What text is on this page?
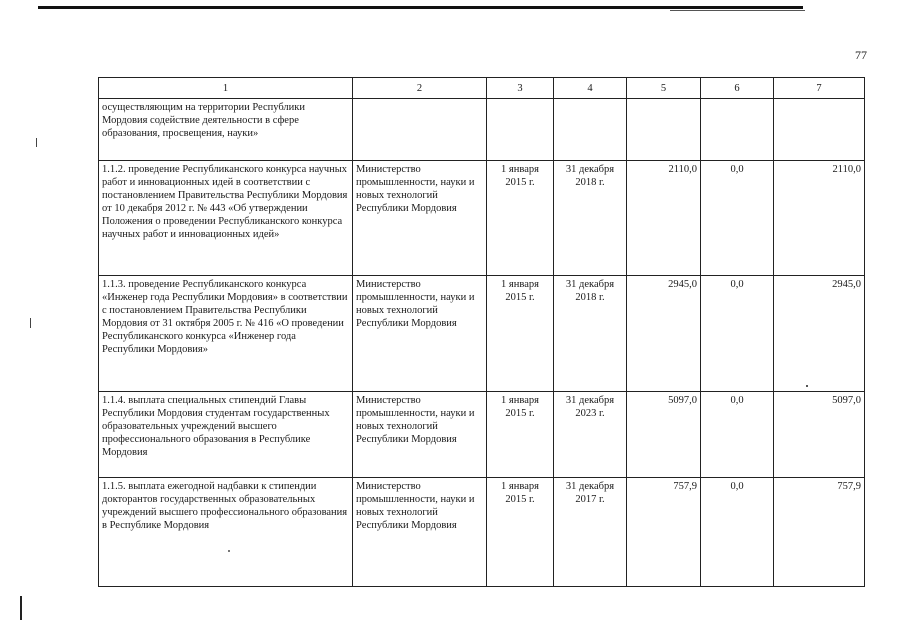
77
1	2	3	4	5	6	7
осуществляющим на территории Республики Мордовия содействие деятельности в сфере образования, просвещения, науки»						
1.1.2. проведение Республиканского конкурса научных работ и инновационных идей в соответствии с постановлением Правительства Республики Мордовия от 10 декабря 2012 г. № 443 «Об утверждении Положения о проведении Республиканского конкурса научных работ и инновационных идей»	Министерство промышленности, науки и новых технологий Республики Мордовия	1 января 2015 г.	31 декабря 2018 г.	2110,0	0,0	2110,0
1.1.3. проведение Республиканского конкурса «Инженер года Республики Мордовия» в соответствии с постановлением Правительства Республики Мордовия от 31 октября 2005 г. № 416 «О проведении Республиканского конкурса «Инженер года Республики Мордовия»	Министерство промышленности, науки и новых технологий Республики Мордовия	1 января 2015 г.	31 декабря 2018 г.	2945,0	0,0	2945,0
1.1.4. выплата специальных стипендий Главы Республики Мордовия студентам государственных образовательных учреждений высшего профессионального образования в Республике Мордовия	Министерство промышленности, науки и новых технологий Республики Мордовия	1 января 2015 г.	31 декабря 2023 г.	5097,0	0,0	5097,0
1.1.5. выплата ежегодной надбавки к стипендии докторантов государственных образовательных учреждений высшего профессионального образования в Республике Мордовия	Министерство промышленности, науки и новых технологий Республики Мордовия	1 января 2015 г.	31 декабря 2017 г.	757,9	0,0	757,9
